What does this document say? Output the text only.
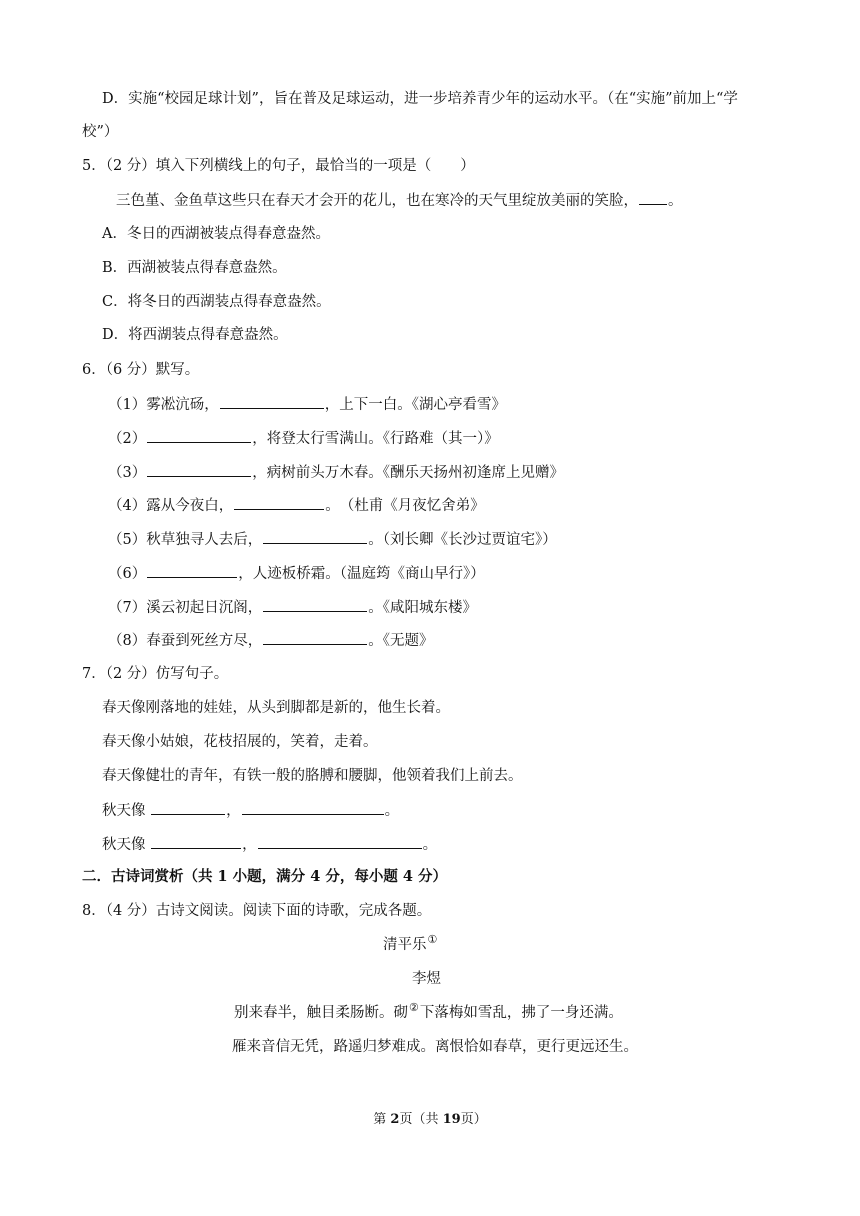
D．实施“校园足球计划”，旨在普及足球运动，进一步培养青少年的运动水平。（在“实施”前加上“学
校”）
5．（2 分）填入下列横线上的句子，最恰当的一项是（　　）
三色堇、金鱼草这些只在春天才会开的花儿，也在寒冷的天气里绽放美丽的笑脸， 。
A．冬日的西湖被装点得春意盎然。
B．西湖被装点得春意盎然。
C．将冬日的西湖装点得春意盎然。
D．将西湖装点得春意盎然。
6．（6 分）默写。
（1）雾凇沆砀，	，上下一白。《湖心亭看雪》
（2）	，将登太行雪满山。《行路难（其一）》
（3）	，病树前头万木春。《酬乐天扬州初逢席上见赠》
（4）露从今夜白，	。　（杜甫《月夜忆舍弟》
（5）秋草独寻人去后，	。（刘长卿《长沙过贾谊宅》）
（6）	，人迹板桥霜。（温庭筠《商山早行》）
（7）溪云初起日沉阁，	。《咸阳城东楼》
（8）春蚕到死丝方尽，	。《无题》
7．（2 分）仿写句子。
春天像刚落地的娃娃，从头到脚都是新的，他生长着。
春天像小姑娘，花枝招展的，笑着，走着。
春天像健壮的青年，有铁一般的胳膊和腰脚，他领着我们上前去。
秋天像	，	。
秋天像	，	。
二．古诗词赏析（共 1 小题，满分 4 分，每小题 4 分）
8．（4 分）古诗文阅读。阅读下面的诗歌，完成各题。
清平乐①
李煜
别来春半，触目柔肠断。砌②下落梅如雪乱，拂了一身还满。
雁来音信无凭，路遥归梦难成。离恨恰如春草，更行更远还生。
第 2页（共 19页）
